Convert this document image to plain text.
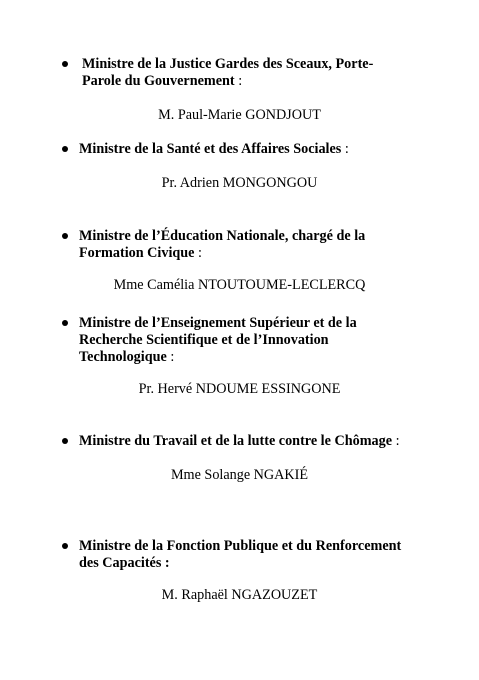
Ministre de la Justice Gardes des Sceaux, Porte-Parole du Gouvernement :
M. Paul-Marie GONDJOUT
Ministre de la Santé et des Affaires Sociales :
Pr. Adrien MONGONGOU
Ministre de l’Éducation Nationale, chargé de la Formation Civique :
Mme Camélia NTOUTOUME-LECLERCQ
Ministre de l’Enseignement Supérieur et de la Recherche Scientifique et de l’Innovation Technologique :
Pr. Hervé NDOUME ESSINGONE
Ministre du Travail et de la lutte contre le Chômage :
Mme Solange NGAKIÉ
Ministre de la Fonction Publique et du Renforcement des Capacités :
M. Raphaël NGAZOUZET
